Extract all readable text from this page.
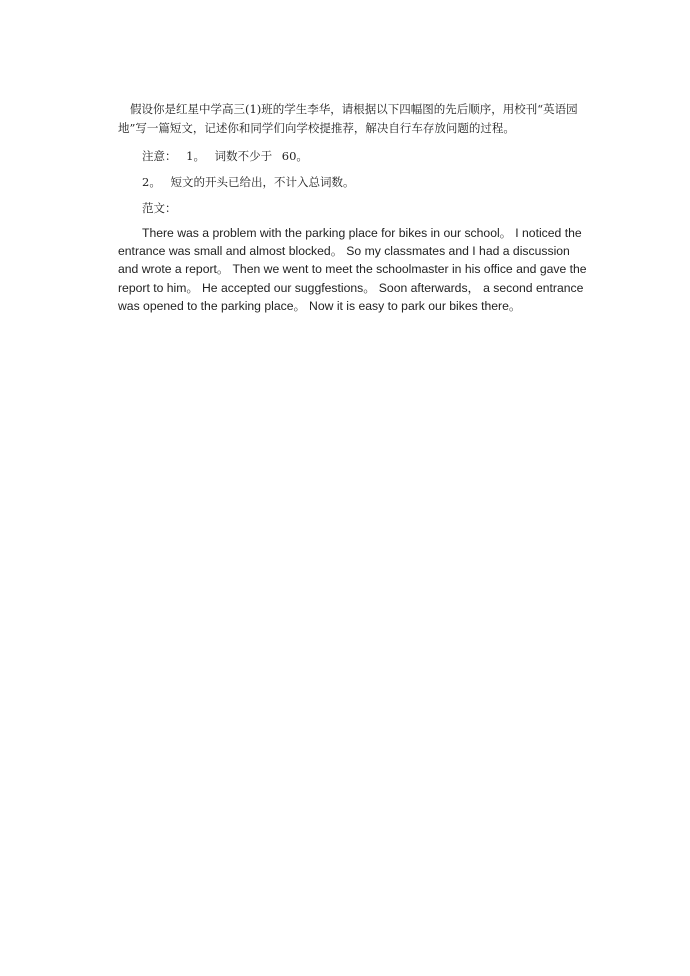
假设你是红星中学高三(1)班的学生李华，请根据以下四幅图的先后顺序，用校刊“英语园地”写一篇短文，记述你和同学们向学校提推荐，解决自行车存放问题的过程。

注意： 1。 词数不少于 60。

2。 短文的开头已给出，不计入总词数。

范文：

There was a problem with the parking place for bikes in our school。 I noticed the entrance was small and almost blocked。 So my classmates and I had a discussion and wrote a report。 Then we went to meet the schoolmaster in his office and gave the report to him。 He accepted our suggfestions。 Soon afterwards， a second entrance was opened to the parking place。 Now it is easy to park our bikes there。
